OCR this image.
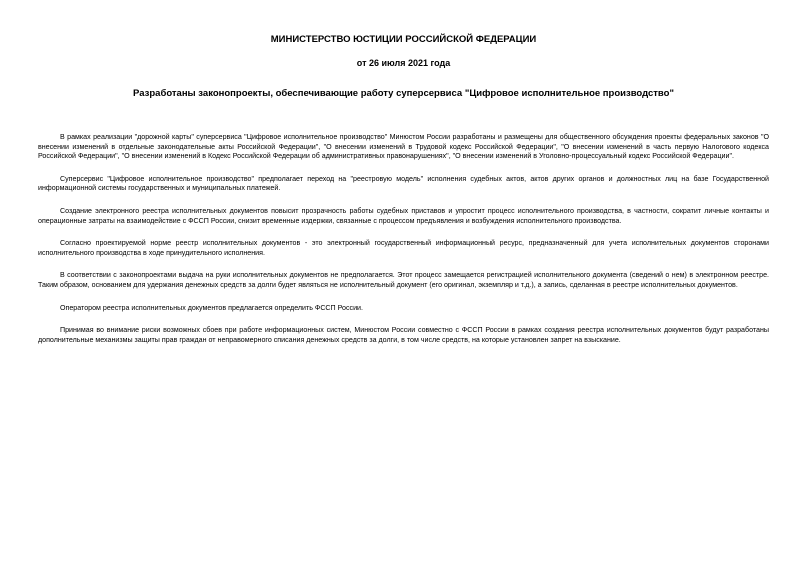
МИНИСТЕРСТВО ЮСТИЦИИ РОССИЙСКОЙ ФЕДЕРАЦИИ
от 26 июля 2021 года
Разработаны законопроекты, обеспечивающие работу суперсервиса "Цифровое исполнительное производство"

В рамках реализации "дорожной карты" суперсервиса "Цифровое исполнительное производство" Минюстом России разработаны и размещены для общественного обсуждения проекты федеральных законов "О внесении изменений в отдельные законодательные акты Российской Федерации", "О внесении изменений в Трудовой кодекс Российской Федерации", "О внесении изменений в часть первую Налогового кодекса Российской Федерации", "О внесении изменений в Кодекс Российской Федерации об административных правонарушениях", "О внесении изменений в Уголовно-процессуальный кодекс Российской Федерации".

Суперсервис "Цифровое исполнительное производство" предполагает переход на "реестровую модель" исполнения судебных актов, актов других органов и должностных лиц на базе Государственной информационной системы государственных и муниципальных платежей.

Создание электронного реестра исполнительных документов повысит прозрачность работы судебных приставов и упростит процесс исполнительного производства, в частности, сократит личные контакты и операционные затраты на взаимодействие с ФССП России, снизит временные издержки, связанные с процессом предъявления и возбуждения исполнительного производства.

Согласно проектируемой норме реестр исполнительных документов - это электронный государственный информационный ресурс, предназначенный для учета исполнительных документов сторонами исполнительного производства в ходе принудительного исполнения.

В соответствии с законопроектами выдача на руки исполнительных документов не предполагается. Этот процесс замещается регистрацией исполнительного документа (сведений о нем) в электронном реестре. Таким образом, основанием для удержания денежных средств за долги будет являться не исполнительный документ (его оригинал, экземпляр и т.д.), а запись, сделанная в реестре исполнительных документов.

Оператором реестра исполнительных документов предлагается определить ФССП России.

Принимая во внимание риски возможных сбоев при работе информационных систем, Минюстом России совместно с ФССП России в рамках создания реестра исполнительных документов будут разработаны дополнительные механизмы защиты прав граждан от неправомерного списания денежных средств за долги, в том числе средств, на которые установлен запрет на взыскание.
